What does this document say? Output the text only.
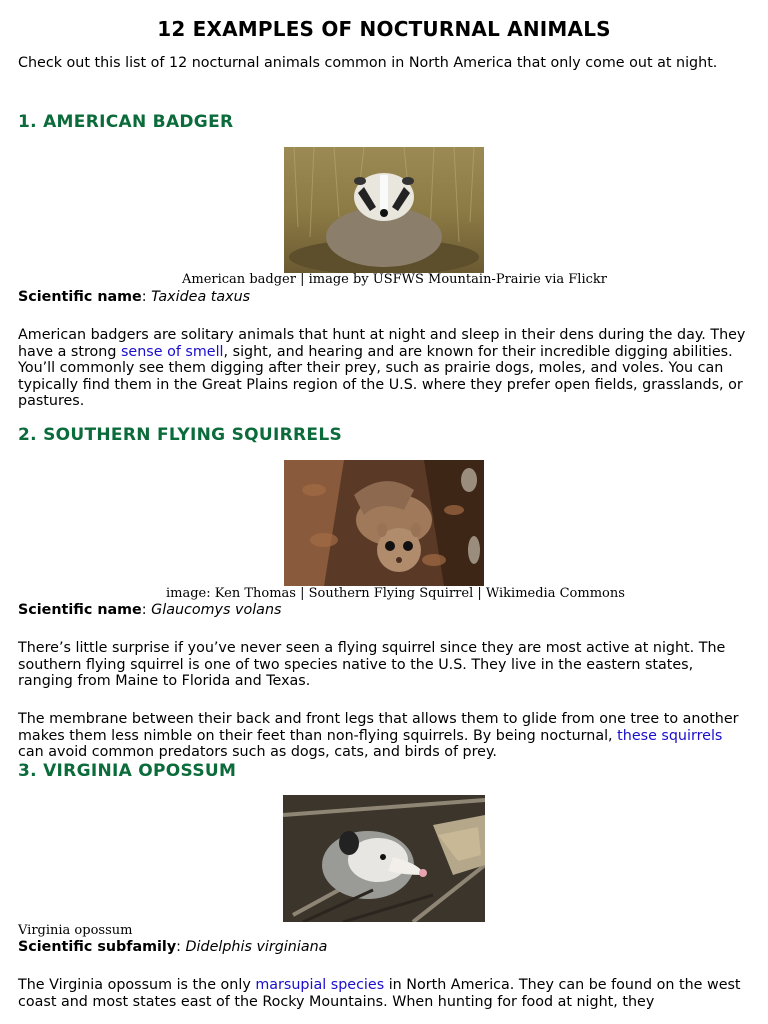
12 EXAMPLES OF NOCTURNAL ANIMALS

Check out this list of 12 nocturnal animals common in North America that only come out at night.

1. AMERICAN BADGER
American badger | image by USFWS Mountain-Prairie via Flickr
Scientific name: Taxidea taxus

American badgers are solitary animals that hunt at night and sleep in their dens during the day. They have a strong sense of smell, sight, and hearing and are known for their incredible digging abilities. You’ll commonly see them digging after their prey, such as prairie dogs, moles, and voles. You can typically find them in the Great Plains region of the U.S. where they prefer open fields, grasslands, or pastures.

2. SOUTHERN FLYING SQUIRRELS
image: Ken Thomas | Southern Flying Squirrel | Wikimedia Commons
Scientific name: Glaucomys volans

There’s little surprise if you’ve never seen a flying squirrel since they are most active at night. The southern flying squirrel is one of two species native to the U.S. They live in the eastern states, ranging from Maine to Florida and Texas.

The membrane between their back and front legs that allows them to glide from one tree to another makes them less nimble on their feet than non-flying squirrels. By being nocturnal, these squirrels can avoid common predators such as dogs, cats, and birds of prey.

3. VIRGINIA OPOSSUM
Virginia opossum
Scientific subfamily: Didelphis virginiana

The Virginia opossum is the only marsupial species in North America. They can be found on the west coast and most states east of the Rocky Mountains. When hunting for food at night, they
